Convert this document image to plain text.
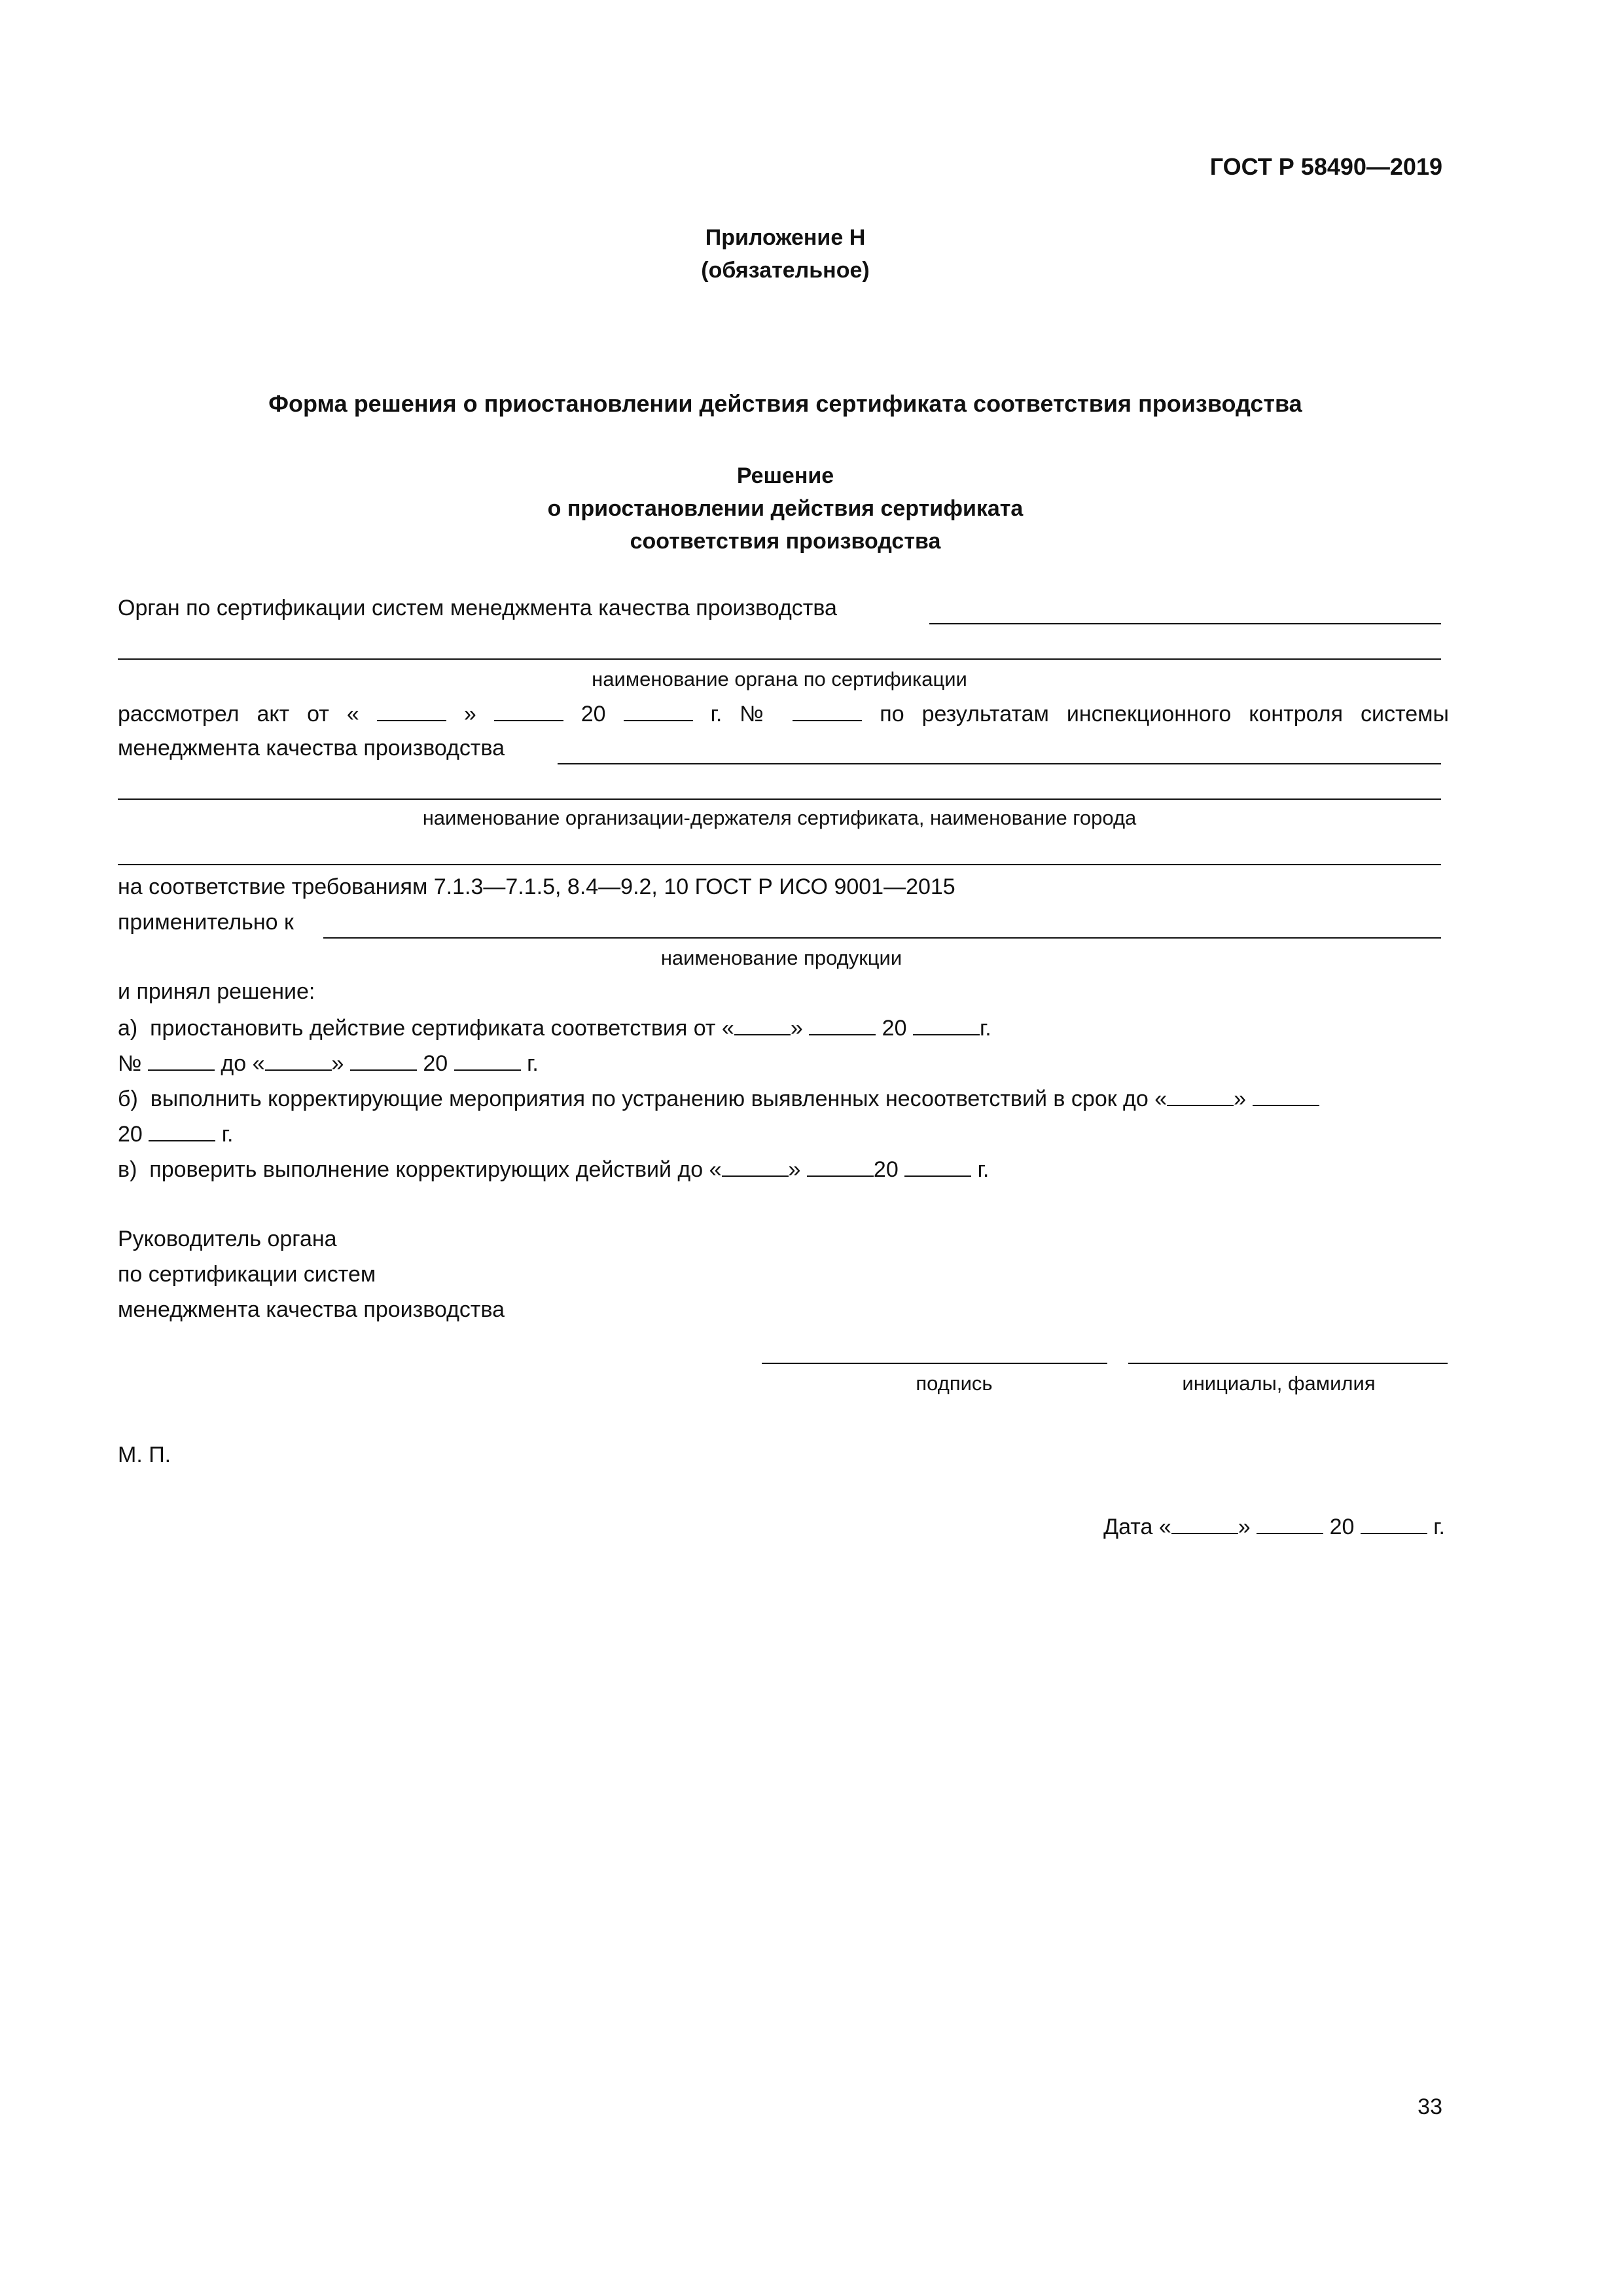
ГОСТ Р 58490—2019
Приложение Н
(обязательное)
Форма решения о приостановлении действия сертификата соответствия производства
Решение
о приостановлении действия сертификата
соответствия производства
Орган по сертификации систем менеджмента качества производства
наименование органа по сертификации
рассмотрел акт от «	»	20	г. №	по результатам инспекционного контроля системы
менеджмента качества производства
наименование организации-держателя сертификата, наименование города
на соответствие требованиям 7.1.3—7.1.5, 8.4—9.2, 10 ГОСТ Р ИСО 9001—2015
применительно к
наименование продукции
и принял решение:
а) приостановить действие сертификата соответствия от «	»	20	г.
№	до «	»	20	г.
б) выполнить корректирующие мероприятия по устранению выявленных несоответствий в срок до «	»
20	г.
в) проверить выполнение корректирующих действий до «	»	20	г.
Руководитель органа
по сертификации систем
менеджмента качества производства
подпись	инициалы, фамилия
М. П.
Дата «	»	20	г.
33
